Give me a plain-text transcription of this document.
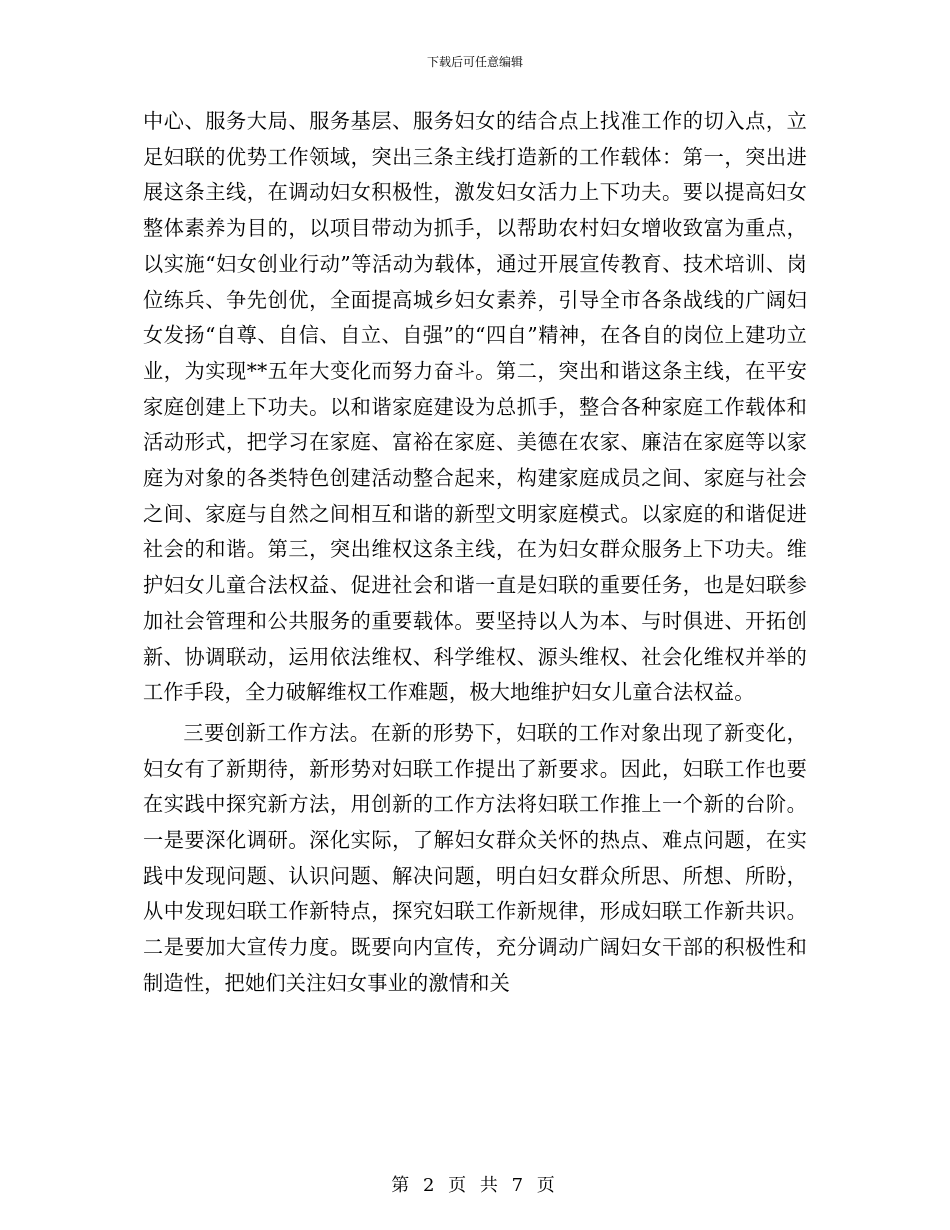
下载后可任意编辑

中心、服务大局、服务基层、服务妇女的结合点上找准工作的切入点，立足妇联的优势工作领域，突出三条主线打造新的工作载体：第一，突出进展这条主线，在调动妇女积极性，激发妇女活力上下功夫。要以提高妇女整体素养为目的，以项目带动为抓手，以帮助农村妇女增收致富为重点，以实施“妇女创业行动”等活动为载体，通过开展宣传教育、技术培训、岗位练兵、争先创优，全面提高城乡妇女素养，引导全市各条战线的广阔妇女发扬“自尊、自信、自立、自强”的“四自”精神，在各自的岗位上建功立业，为实现**五年大变化而努力奋斗。第二，突出和谐这条主线，在平安家庭创建上下功夫。以和谐家庭建设为总抓手，整合各种家庭工作载体和活动形式，把学习在家庭、富裕在家庭、美德在农家、廉洁在家庭等以家庭为对象的各类特色创建活动整合起来，构建家庭成员之间、家庭与社会之间、家庭与自然之间相互和谐的新型文明家庭模式。以家庭的和谐促进社会的和谐。第三，突出维权这条主线，在为妇女群众服务上下功夫。维护妇女儿童合法权益、促进社会和谐一直是妇联的重要任务，也是妇联参加社会管理和公共服务的重要载体。要坚持以人为本、与时俱进、开拓创新、协调联动，运用依法维权、科学维权、源头维权、社会化维权并举的工作手段，全力破解维权工作难题，极大地维护妇女儿童合法权益。

三要创新工作方法。在新的形势下，妇联的工作对象出现了新变化，妇女有了新期待，新形势对妇联工作提出了新要求。因此，妇联工作也要在实践中探究新方法，用创新的工作方法将妇联工作推上一个新的台阶。一是要深化调研。深化实际，了解妇女群众关怀的热点、难点问题，在实践中发现问题、认识问题、解决问题，明白妇女群众所思、所想、所盼，从中发现妇联工作新特点，探究妇联工作新规律，形成妇联工作新共识。二是要加大宣传力度。既要向内宣传，充分调动广阔妇女干部的积极性和制造性，把她们关注妇女事业的激情和关

第 2 页 共 7 页
